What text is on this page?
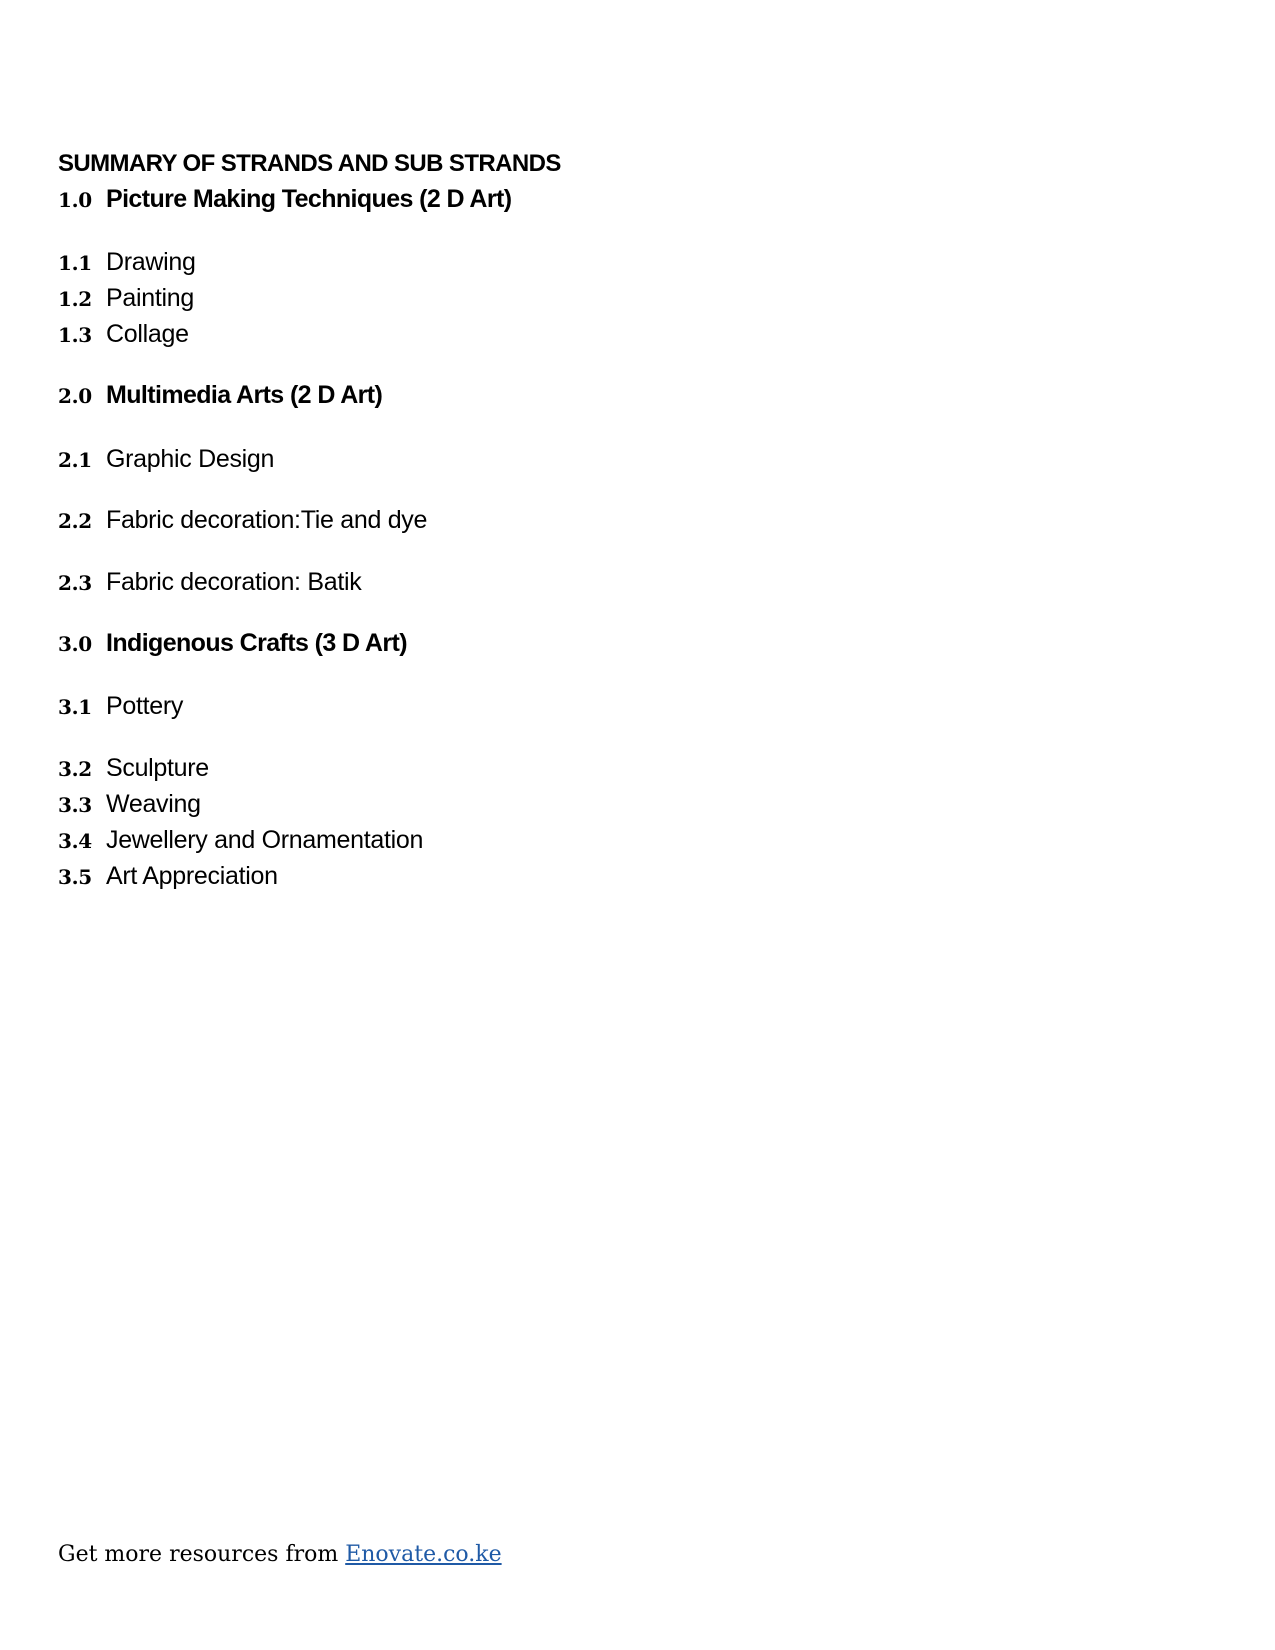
SUMMARY OF STRANDS AND SUB STRANDS
1.0 Picture Making Techniques (2 D Art)
1.1 Drawing
1.2 Painting
1.3 Collage
2.0 Multimedia Arts (2 D Art)
2.1 Graphic Design
2.2 Fabric decoration:Tie and dye
2.3 Fabric decoration: Batik
3.0 Indigenous Crafts (3 D Art)
3.1 Pottery
3.2 Sculpture
3.3 Weaving
3.4 Jewellery and Ornamentation
3.5 Art Appreciation
Get more resources from Enovate.co.ke
